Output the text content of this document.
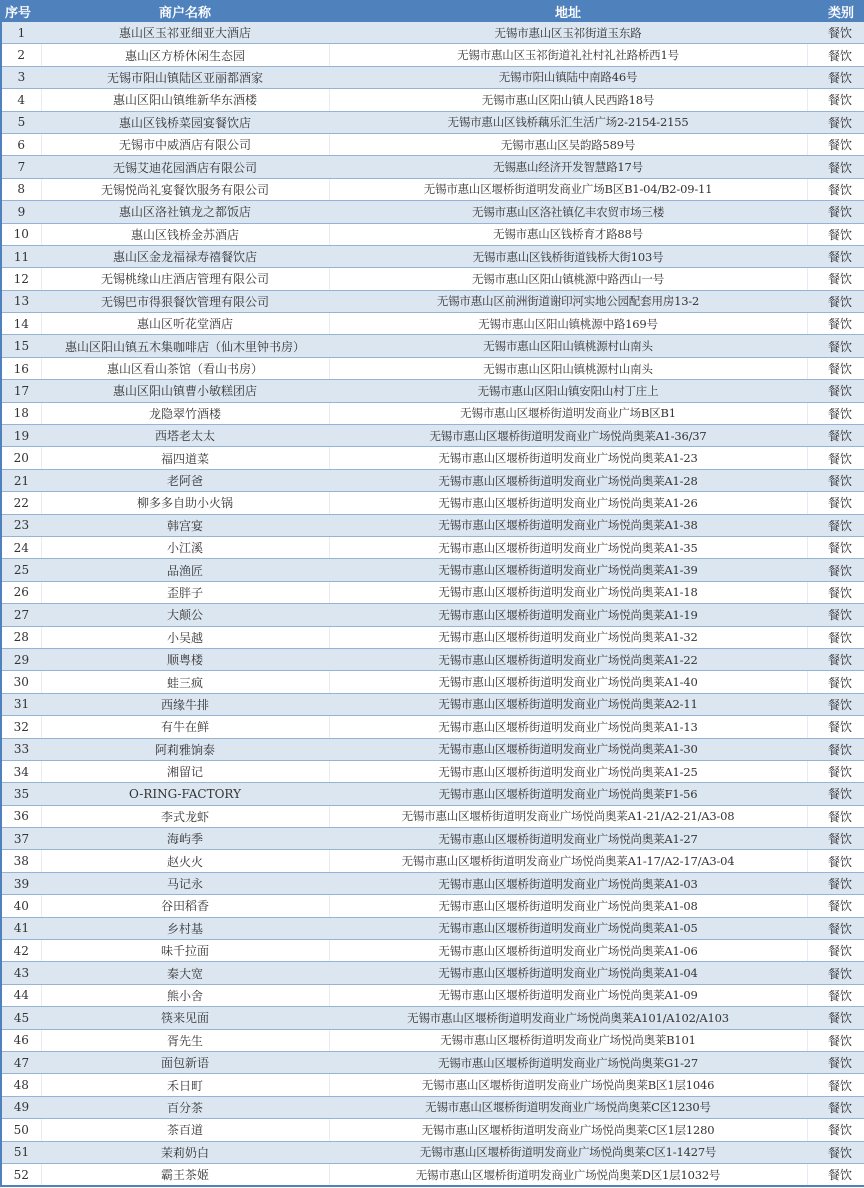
序号	商户名称	地址	类别
1	惠山区玉祁亚细亚大酒店	无锡市惠山区玉祁街道玉东路	餐饮
2	惠山区方桥休闲生态园	无锡市惠山区玉祁街道礼社村礼社路桥西1号	餐饮
3	无锡市阳山镇陆区亚丽都酒家	无锡市阳山镇陆中南路46号	餐饮
4	惠山区阳山镇维新华东酒楼	无锡市惠山区阳山镇人民西路18号	餐饮
5	惠山区钱桥菜园宴餐饮店	无锡市惠山区钱桥藕乐汇生活广场2-2154-2155	餐饮
6	无锡市中威酒店有限公司	无锡市惠山区吴韵路589号	餐饮
7	无锡艾迪花园酒店有限公司	无锡惠山经济开发智慧路17号	餐饮
8	无锡悦尚礼宴餐饮服务有限公司	无锡市惠山区堰桥街道明发商业广场B区B1-04/B2-09-11	餐饮
9	惠山区洛社镇龙之都饭店	无锡市惠山区洛社镇亿丰农贸市场三楼	餐饮
10	惠山区钱桥金苏酒店	无锡市惠山区钱桥育才路88号	餐饮
11	惠山区金龙福禄寿禧餐饮店	无锡市惠山区钱桥街道钱桥大街103号	餐饮
12	无锡桃缘山庄酒店管理有限公司	无锡市惠山区阳山镇桃源中路西山一号	餐饮
13	无锡巴市得狠餐饮管理有限公司	无锡市惠山区前洲街道谢印河实地公园配套用房13-2	餐饮
14	惠山区听花堂酒店	无锡市惠山区阳山镇桃源中路169号	餐饮
15	惠山区阳山镇五木集咖啡店（仙木里钟书房）	无锡市惠山区阳山镇桃源村山南头	餐饮
16	惠山区看山茶馆（看山书房）	无锡市惠山区阳山镇桃源村山南头	餐饮
17	惠山区阳山镇曹小敏糕团店	无锡市惠山区阳山镇安阳山村丁庄上	餐饮
18	龙隐翠竹酒楼	无锡市惠山区堰桥街道明发商业广场B区B1	餐饮
19	西塔老太太	无锡市惠山区堰桥街道明发商业广场悦尚奥莱A1-36/37	餐饮
20	福四道菜	无锡市惠山区堰桥街道明发商业广场悦尚奥莱A1-23	餐饮
21	老阿爸	无锡市惠山区堰桥街道明发商业广场悦尚奥莱A1-28	餐饮
22	柳多多自助小火锅	无锡市惠山区堰桥街道明发商业广场悦尚奥莱A1-26	餐饮
23	韩宫宴	无锡市惠山区堰桥街道明发商业广场悦尚奥莱A1-38	餐饮
24	小江溪	无锡市惠山区堰桥街道明发商业广场悦尚奥莱A1-35	餐饮
25	品渔匠	无锡市惠山区堰桥街道明发商业广场悦尚奥莱A1-39	餐饮
26	歪胖子	无锡市惠山区堰桥街道明发商业广场悦尚奥莱A1-18	餐饮
27	大颠公	无锡市惠山区堰桥街道明发商业广场悦尚奥莱A1-19	餐饮
28	小吴越	无锡市惠山区堰桥街道明发商业广场悦尚奥莱A1-32	餐饮
29	顺粤楼	无锡市惠山区堰桥街道明发商业广场悦尚奥莱A1-22	餐饮
30	蛙三疯	无锡市惠山区堰桥街道明发商业广场悦尚奥莱A1-40	餐饮
31	西缘牛排	无锡市惠山区堰桥街道明发商业广场悦尚奥莱A2-11	餐饮
32	有牛在鲜	无锡市惠山区堰桥街道明发商业广场悦尚奥莱A1-13	餐饮
33	阿莉雅饷泰	无锡市惠山区堰桥街道明发商业广场悦尚奥莱A1-30	餐饮
34	湘留记	无锡市惠山区堰桥街道明发商业广场悦尚奥莱A1-25	餐饮
35	O-RING-FACTORY	无锡市惠山区堰桥街道明发商业广场悦尚奥莱F1-56	餐饮
36	李式龙虾	无锡市惠山区堰桥街道明发商业广场悦尚奥莱A1-21/A2-21/A3-08	餐饮
37	海屿季	无锡市惠山区堰桥街道明发商业广场悦尚奥莱A1-27	餐饮
38	赵火火	无锡市惠山区堰桥街道明发商业广场悦尚奥莱A1-17/A2-17/A3-04	餐饮
39	马记永	无锡市惠山区堰桥街道明发商业广场悦尚奥莱A1-03	餐饮
40	谷田稻香	无锡市惠山区堰桥街道明发商业广场悦尚奥莱A1-08	餐饮
41	乡村基	无锡市惠山区堰桥街道明发商业广场悦尚奥莱A1-05	餐饮
42	味千拉面	无锡市惠山区堰桥街道明发商业广场悦尚奥莱A1-06	餐饮
43	秦大宽	无锡市惠山区堰桥街道明发商业广场悦尚奥莱A1-04	餐饮
44	熊小舍	无锡市惠山区堰桥街道明发商业广场悦尚奥莱A1-09	餐饮
45	筷来见面	无锡市惠山区堰桥街道明发商业广场悦尚奥莱A101/A102/A103	餐饮
46	胥先生	无锡市惠山区堰桥街道明发商业广场悦尚奥莱B101	餐饮
47	面包新语	无锡市惠山区堰桥街道明发商业广场悦尚奥莱G1-27	餐饮
48	禾日町	无锡市惠山区堰桥街道明发商业广场悦尚奥莱B区1层1046	餐饮
49	百分茶	无锡市惠山区堰桥街道明发商业广场悦尚奥莱C区1230号	餐饮
50	茶百道	无锡市惠山区堰桥街道明发商业广场悦尚奥莱C区1层1280	餐饮
51	茉莉奶白	无锡市惠山区堰桥街道明发商业广场悦尚奥莱C区1-1427号	餐饮
52	霸王茶姬	无锡市惠山区堰桥街道明发商业广场悦尚奥莱D区1层1032号	餐饮
